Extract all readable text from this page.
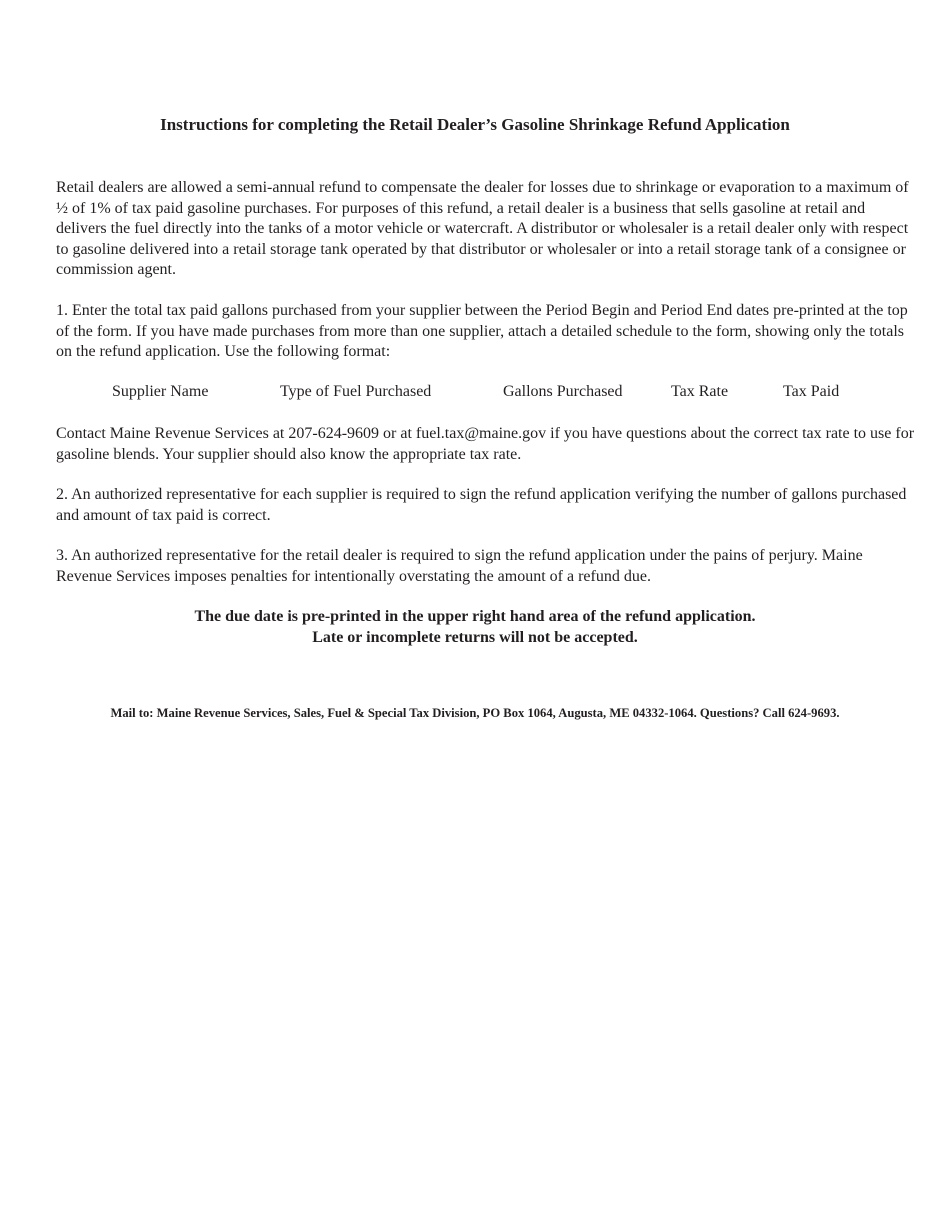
Instructions for completing the Retail Dealer’s Gasoline Shrinkage Refund Application

Retail dealers are allowed a semi-annual refund to compensate the dealer for losses due to shrinkage or evaporation to a maximum of ½ of 1% of tax paid gasoline purchases. For purposes of this refund, a retail dealer is a business that sells gasoline at retail and delivers the fuel directly into the tanks of a motor vehicle or watercraft. A distributor or wholesaler is a retail dealer only with respect to gasoline delivered into a retail storage tank operated by that distributor or wholesaler or into a retail storage tank of a consignee or commission agent.

1. Enter the total tax paid gallons purchased from your supplier between the Period Begin and Period End dates pre-printed at the top of the form. If you have made purchases from more than one supplier, attach a detailed schedule to the form, showing only the totals on the refund application. Use the following format:

Supplier Name	Type of Fuel Purchased	Gallons Purchased	Tax Rate	Tax Paid

Contact Maine Revenue Services at 207-624-9609 or at fuel.tax@maine.gov if you have questions about the correct tax rate to use for gasoline blends. Your supplier should also know the appropriate tax rate.

2. An authorized representative for each supplier is required to sign the refund application verifying the number of gallons purchased and amount of tax paid is correct.

3. An authorized representative for the retail dealer is required to sign the refund application under the pains of perjury. Maine Revenue Services imposes penalties for intentionally overstating the amount of a refund due.

The due date is pre-printed in the upper right hand area of the refund application.

Late or incomplete returns will not be accepted.

Mail to: Maine Revenue Services, Sales, Fuel & Special Tax Division, PO Box 1064, Augusta, ME 04332-1064. Questions? Call 624-9693.
